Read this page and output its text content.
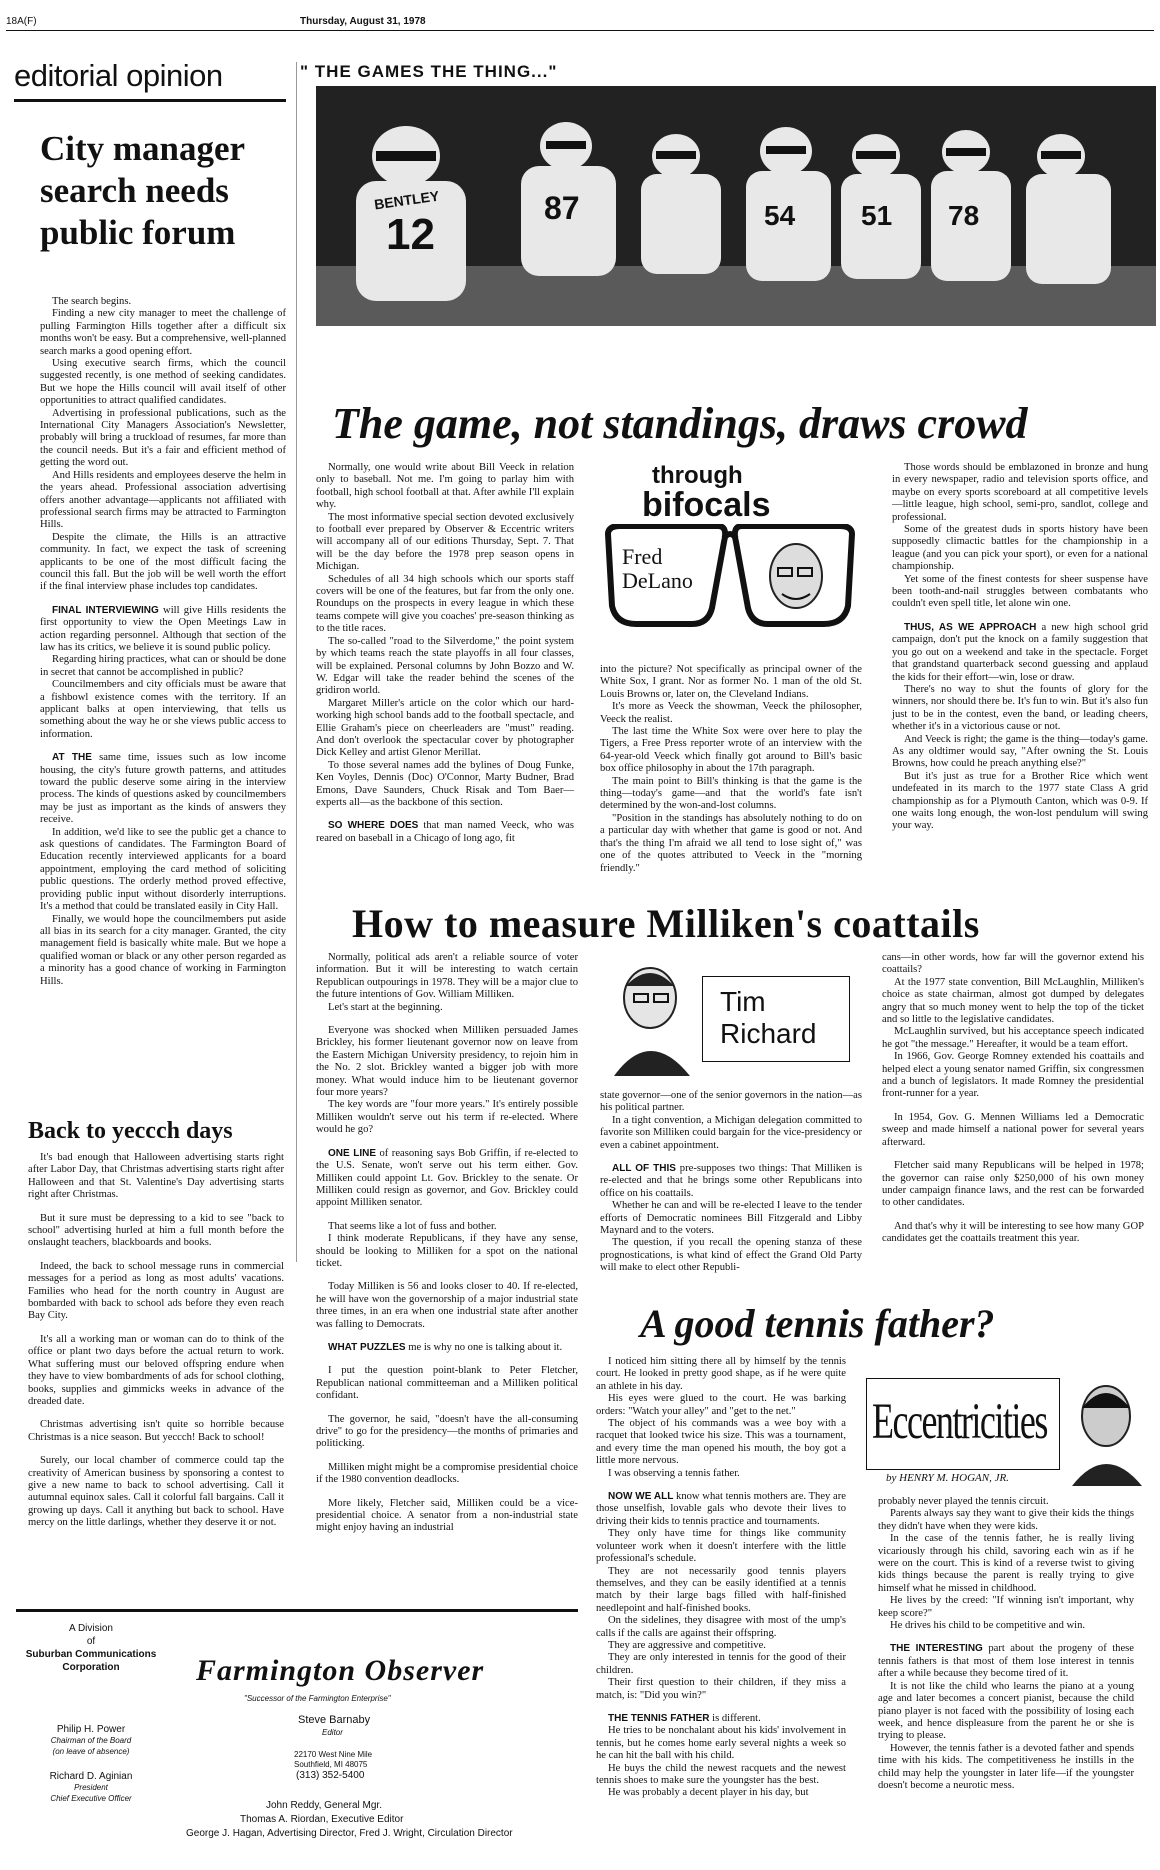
18A(F)	Thursday, August 31, 1978
editorial opinion	" THE GAMES THE THING..."
BENTLEY
12
87	54 51 78
City manager search needs public forum

The search begins.

Finding a new city manager to meet the challenge of pulling Farmington Hills together after a difficult six months won't be easy. But a comprehensive, well-planned search marks a good opening effort.

Using executive search firms, which the council suggested recently, is one method of seeking candidates. But we hope the Hills council will avail itself of other opportunities to attract qualified candidates.

Advertising in professional publications, such as the International City Managers Association's Newsletter, probably will bring a truckload of resumes, far more than the council needs. But it's a fair and efficient method of getting the word out.

And Hills residents and employees deserve the helm in the years ahead. Professional association advertising offers another advantage—applicants not affiliated with professional search firms may be attracted to Farmington Hills.

Despite the climate, the Hills is an attractive community. In fact, we expect the task of screening applicants to be one of the most difficult facing the council this fall. But the job will be well worth the effort if the final interview phase includes top candidates.

FINAL INTERVIEWING will give Hills residents the first opportunity to view the Open Meetings Law in action regarding personnel. Although that section of the law has its critics, we believe it is sound public policy.

Regarding hiring practices, what can or should be done in secret that cannot be accomplished in public?

Councilmembers and city officials must be aware that a fishbowl existence comes with the territory. If an applicant balks at open interviewing, that tells us something about the way he or she views public access to information.

AT THE same time, issues such as low income housing, the city's future growth patterns, and attitudes toward the public deserve some airing in the interview process. The kinds of questions asked by councilmembers may be just as important as the kinds of answers they receive.

In addition, we'd like to see the public get a chance to ask questions of candidates. The Farmington Board of Education recently interviewed applicants for a board appointment, employing the card method of soliciting public questions. The orderly method proved effective, providing public input without disorderly interruptions. It's a method that could be translated easily in City Hall.

Finally, we would hope the councilmembers put aside all bias in its search for a city manager. Granted, the city management field is basically white male. But we hope a qualified woman or black or any other person regarded as a minority has a good chance of working in Farmington Hills.

Back to yeccch days

It's bad enough that Halloween advertising starts right after Labor Day, that Christmas advertising starts right after Halloween and that St. Valentine's Day advertising starts right after Christmas.

But it sure must be depressing to a kid to see "back to school" advertising hurled at him a full month before the onslaught teachers, blackboards and books.

Indeed, the back to school message runs in commercial messages for a period as long as most adults' vacations. Families who head for the north country in August are bombarded with back to school ads before they even reach Bay City.

It's all a working man or woman can do to think of the office or plant two days before the actual return to work. What suffering must our beloved offspring endure when they have to view bombardments of ads for school clothing, books, supplies and gimmicks weeks in advance of the dreaded date.

Christmas advertising isn't quite so horrible because Christmas is a nice season. But yeccch! Back to school!

Surely, our local chamber of commerce could tap the creativity of American business by sponsoring a contest to give a new name to back to school advertising. Call it autumnal equinox sales. Call it colorful fall bargains. Call it growing up days. Call it anything but back to school. Have mercy on the little darlings, whether they deserve it or not.

The game, not standings, draws crowd

Normally, one would write about Bill Veeck in relation only to baseball. Not me. I'm going to parlay him with football, high school football at that. After awhile I'll explain why.

The most informative special section devoted exclusively to football ever prepared by Observer & Eccentric writers will accompany all of our editions Thursday, Sept. 7. That will be the day before the 1978 prep season opens in Michigan.

Schedules of all 34 high schools which our sports staff covers will be one of the features, but far from the only one. Roundups on the prospects in every league in which these teams compete will give you coaches' pre-season thinking as to the title races.

The so-called "road to the Silverdome," the point system by which teams reach the state playoffs in all four classes, will be explained. Personal columns by John Bozzo and W. W. Edgar will take the reader behind the scenes of the gridiron world.

Margaret Miller's article on the color which our hard-working high school bands add to the football spectacle, and Ellie Graham's piece on cheerleaders are "must" reading. And don't overlook the spectacular cover by photographer Dick Kelley and artist Glenor Merillat.

To those several names add the bylines of Doug Funke, Ken Voyles, Dennis (Doc) O'Connor, Marty Budner, Brad Emons, Dave Saunders, Chuck Risak and Tom Baer—experts all—as the backbone of this section.

SO WHERE DOES that man named Veeck, who was reared on baseball in a Chicago of long ago, fit

through
bifocals
Fred
DeLano

into the picture? Not specifically as principal owner of the White Sox, I grant. Nor as former No. 1 man of the old St. Louis Browns or, later on, the Cleveland Indians.

It's more as Veeck the showman, Veeck the philosopher, Veeck the realist.

The last time the White Sox were over here to play the Tigers, a Free Press reporter wrote of an interview with the 64-year-old Veeck which finally got around to Bill's basic box office philosophy in about the 17th paragraph.

The main point to Bill's thinking is that the game is the thing—today's game—and that the world's fate isn't determined by the won-and-lost columns.

"Position in the standings has absolutely nothing to do on a particular day with whether that game is good or not. And that's the thing I'm afraid we all tend to lose sight of," was one of the quotes attributed to Veeck in the "morning friendly."

Those words should be emblazoned in bronze and hung in every newspaper, radio and television sports office, and maybe on every sports scoreboard at all competitive levels—little league, high school, semi-pro, sandlot, college and professional.

Some of the greatest duds in sports history have been supposedly climactic battles for the championship in a league (and you can pick your sport), or even for a national championship.

Yet some of the finest contests for sheer suspense have been tooth-and-nail struggles between combatants who couldn't even spell title, let alone win one.

THUS, AS WE APPROACH a new high school grid campaign, don't put the knock on a family suggestion that you go out on a weekend and take in the spectacle. Forget that grandstand quarterback second guessing and applaud the kids for their effort—win, lose or draw.

There's no way to shut the founts of glory for the winners, nor should there be. It's fun to win. But it's also fun just to be in the contest, even the band, or leading cheers, whether it's in a victorious cause or not.

And Veeck is right; the game is the thing—today's game. As any oldtimer would say, "After owning the St. Louis Browns, how could he preach anything else?"

But it's just as true for a Brother Rice which went undefeated in its march to the 1977 state Class A grid championship as for a Plymouth Canton, which was 0-9. If one waits long enough, the won-lost pendulum will swing your way.

How to measure Milliken's coattails

Normally, political ads aren't a reliable source of voter information. But it will be interesting to watch certain Republican outpourings in 1978. They will be a major clue to the future intentions of Gov. William Milliken.

Let's start at the beginning.

Everyone was shocked when Milliken persuaded James Brickley, his former lieutenant governor now on leave from the Eastern Michigan University presidency, to rejoin him in the No. 2 slot. Brickley wanted a bigger job with more money. What would induce him to be lieutenant governor four more years?

The key words are "four more years." It's entirely possible Milliken wouldn't serve out his term if re-elected. Where would he go?

ONE LINE of reasoning says Bob Griffin, if re-elected to the U.S. Senate, won't serve out his term either. Gov. Milliken could appoint Lt. Gov. Brickley to the senate. Or Milliken could resign as governor, and Gov. Brickley could appoint Milliken senator.

That seems like a lot of fuss and bother.

I think moderate Republicans, if they have any sense, should be looking to Milliken for a spot on the national ticket.

Today Milliken is 56 and looks closer to 40. If re-elected, he will have won the governorship of a major industrial state three times, in an era when one industrial state after another was falling to Democrats.

WHAT PUZZLES me is why no one is talking about it.

I put the question point-blank to Peter Fletcher, Republican national committeeman and a Milliken political confidant.

The governor, he said, "doesn't have the all-consuming drive" to go for the presidency—the months of primaries and politicking.

Milliken might might be a compromise presidential choice if the 1980 convention deadlocks.

More likely, Fletcher said, Milliken could be a vice-presidential choice. A senator from a non-industrial state might enjoy having an industrial

Tim
Richard

state governor—one of the senior governors in the nation—as his political partner.

In a tight convention, a Michigan delegation committed to favorite son Milliken could bargain for the vice-presidency or even a cabinet appointment.

ALL OF THIS pre-supposes two things: That Milliken is re-elected and that he brings some other Republicans into office on his coattails.

Whether he can and will be re-elected I leave to the tender efforts of Democratic nominees Bill Fitzgerald and Libby Maynard and to the voters.

The question, if you recall the opening stanza of these prognostications, is what kind of effect the Grand Old Party will make to elect other Republi-

cans—in other words, how far will the governor extend his coattails?

At the 1977 state convention, Bill McLaughlin, Milliken's choice as state chairman, almost got dumped by delegates angry that so much money went to help the top of the ticket and so little to the legislative candidates.

McLaughlin survived, but his acceptance speech indicated he got "the message." Hereafter, it would be a team effort.

In 1966, Gov. George Romney extended his coattails and helped elect a young senator named Griffin, six congressmen and a bunch of legislators. It made Romney the presidential front-runner for a year.

In 1954, Gov. G. Mennen Williams led a Democratic sweep and made himself a national power for several years afterward.

Fletcher said many Republicans will be helped in 1978; the governor can raise only $250,000 of his own money under campaign finance laws, and the rest can be forwarded to other candidates.

And that's why it will be interesting to see how many GOP candidates get the coattails treatment this year.

A good tennis father?

I noticed him sitting there all by himself by the tennis court. He looked in pretty good shape, as if he were quite an athlete in his day.

His eyes were glued to the court. He was barking orders: "Watch your alley" and "get to the net."

The object of his commands was a wee boy with a racquet that looked twice his size. This was a tournament, and every time the man opened his mouth, the boy got a little more nervous.

I was observing a tennis father.

NOW WE ALL know what tennis mothers are. They are those unselfish, lovable gals who devote their lives to driving their kids to tennis practice and tournaments.

They only have time for things like community volunteer work when it doesn't interfere with the little professional's schedule.

They are not necessarily good tennis players themselves, and they can be easily identified at a tennis match by their large bags filled with half-finished needlepoint and half-finished books.

On the sidelines, they disagree with most of the ump's calls if the calls are against their offspring.

They are aggressive and competitive.

They are only interested in tennis for the good of their children.

Their first question to their children, if they miss a match, is: "Did you win?"

THE TENNIS FATHER is different.

He tries to be nonchalant about his kids' involvement in tennis, but he comes home early several nights a week so he can hit the ball with his child.

He buys the child the newest racquets and the newest tennis shoes to make sure the youngster has the best.

He was probably a decent player in his day, but

Eccentricities
by HENRY M. HOGAN, JR.

probably never played the tennis circuit.

Parents always say they want to give their kids the things they didn't have when they were kids.

In the case of the tennis father, he is really living vicariously through his child, savoring each win as if he were on the court. This is kind of a reverse twist to giving kids things because the parent is really trying to give himself what he missed in childhood.

He lives by the creed: "If winning isn't important, why keep score?"

He drives his child to be competitive and win.

THE INTERESTING part about the progeny of these tennis fathers is that most of them lose interest in tennis after a while because they become tired of it.

It is not like the child who learns the piano at a young age and later becomes a concert pianist, because the child piano player is not faced with the possibility of losing each week, and hence displeasure from the parent he or she is trying to please.

However, the tennis father is a devoted father and spends time with his kids. The competitiveness he instills in the child may help the youngster in later life—if the youngster doesn't become a neurotic mess.

A Division
of
Suburban Communications
Corporation
Philip H. Power
Chairman of the Board
(on leave of absence)
Richard D. Aginian
President
Chief Executive Officer
Farmington Observer
"Successor of the Farmington Enterprise"
Steve Barnaby
Editor
22170 West Nine Mile
Southfield, MI 48075
(313) 352-5400
John Reddy, General Mgr.
Thomas A. Riordan, Executive Editor
George J. Hagan, Advertising Director, Fred J. Wright, Circulation Director
